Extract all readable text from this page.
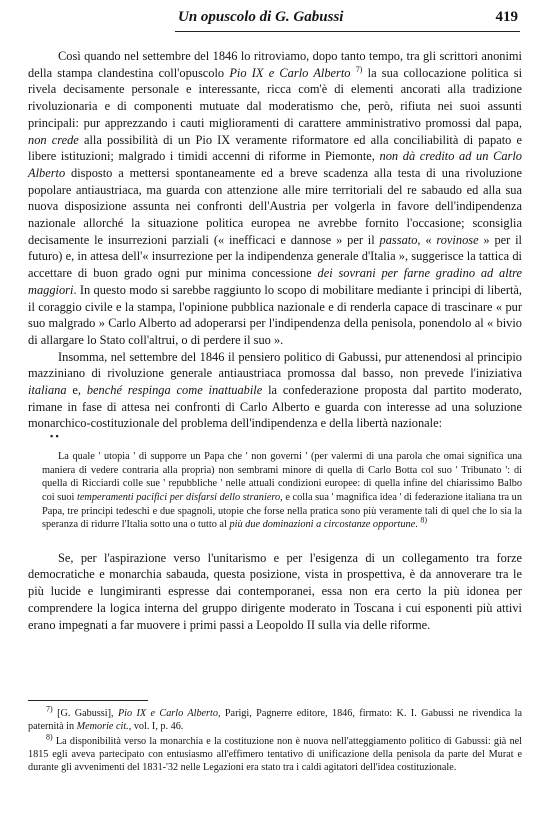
Un opuscolo di G. Gabussi	419

Così quando nel settembre del 1846 lo ritroviamo, dopo tanto tempo, tra gli scrittori anonimi della stampa clandestina coll'opuscolo Pio IX e Carlo Alberto $^{7)}$ la sua collocazione politica si rivela decisamente personale e interessante, ricca com'è di elementi ancorati alla tradizione rivoluzionaria e di componenti mutuate dal moderatismo che, però, rifiuta nei suoi assunti principali: pur apprezzando i cauti miglioramenti di carattere amministrativo promossi dal papa, non crede alla possibilità di un Pio IX veramente riformatore ed alla conciliabilità di papato e libere istituzioni; malgrado i timidi accenni di riforme in Piemonte, non dà credito ad un Carlo Alberto disposto a mettersi spontaneamente ed a breve scadenza alla testa di una rivoluzione popolare antiaustriaca, ma guarda con attenzione alle mire territoriali del re sabaudo ed alla sua nuova disposizione assunta nei confronti dell'Austria per volgerla in favore dell'indipendenza nazionale allorché la situazione politica europea ne avrebbe fornito l'occasione; sconsiglia decisamente le insurrezioni parziali (« inefficaci e dannose » per il passato, « rovinose » per il futuro) e, in attesa dell'« insurrezione per la indipendenza generale d'Italia », suggerisce la tattica di accettare di buon grado ogni pur minima concessione dei sovrani per farne gradino ad altre maggiori. In questo modo si sarebbe raggiunto lo scopo di mobilitare mediante i principi di libertà, il coraggio civile e la stampa, l'opinione pubblica nazionale e di renderla capace di trascinare « pur suo malgrado » Carlo Alberto ad adoperarsi per l'indipendenza della penisola, ponendolo al « bivio di allargare lo Stato coll'altrui, o di perdere il suo ».

Insomma, nel settembre del 1846 il pensiero politico di Gabussi, pur attenendosi al principio mazziniano di rivoluzione generale antiaustriaca promossa dal basso, non prevede l'iniziativa italiana e, benché respinga come inattuabile la confederazione proposta dal partito moderato, rimane in fase di attesa nei confronti di Carlo Alberto e guarda con interesse ad una soluzione monarchico-costituzionale del problema dell'indipendenza e della libertà nazionale:

▪ ▪

La quale ' utopia ' di supporre un Papa che ' non governi ' (per valermi di una parola che omai significa una maniera di vedere contraria alla propria) non sembrami minore di quella di Carlo Botta col suo ' Tribunato ': di quella di Ricciardi colle sue ' repubbliche ' nelle attuali condizioni europee: di quella infine del chiarissimo Balbo coi suoi temperamenti pacifici per disfarsi dello straniero, e colla sua ' magnifica idea ' di federazione italiana tra un Papa, tre principi tedeschi e due spagnoli, utopie che forse nella pratica sono più veramente tali di quel che lo sia la speranza di ridurre l'Italia sotto una o tutto al più due dominazioni a circostanze opportune. $^{8)}$

Se, per l'aspirazione verso l'unitarismo e per l'esigenza di un collegamento tra forze democratiche e monarchia sabauda, questa posizione, vista in prospettiva, è da annoverare tra le più lucide e lungimiranti espresse dai contemporanei, essa non era certo la più idonea per comprendere la logica interna del gruppo dirigente moderato in Toscana i cui esponenti più attivi erano impegnati a far muovere i primi passi a Leopoldo II sulla via delle riforme.

$^{7)}$ [G. Gabussi], Pio IX e Carlo Alberto, Parigi, Pagnerre editore, 1846, firmato: K. I. Gabussi ne rivendica la paternità in Memorie cit., vol. I, p. 46.

$^{8)}$ La disponibilità verso la monarchia e la costituzione non è nuova nell'atteggiamento politico di Gabussi: già nel 1815 egli aveva partecipato con entusiasmo all'effimero tentativo di unificazione della penisola da parte del Murat e durante gli avvenimenti del 1831-'32 nelle Legazioni era stato tra i caldi agitatori dell'idea costituzionale.
